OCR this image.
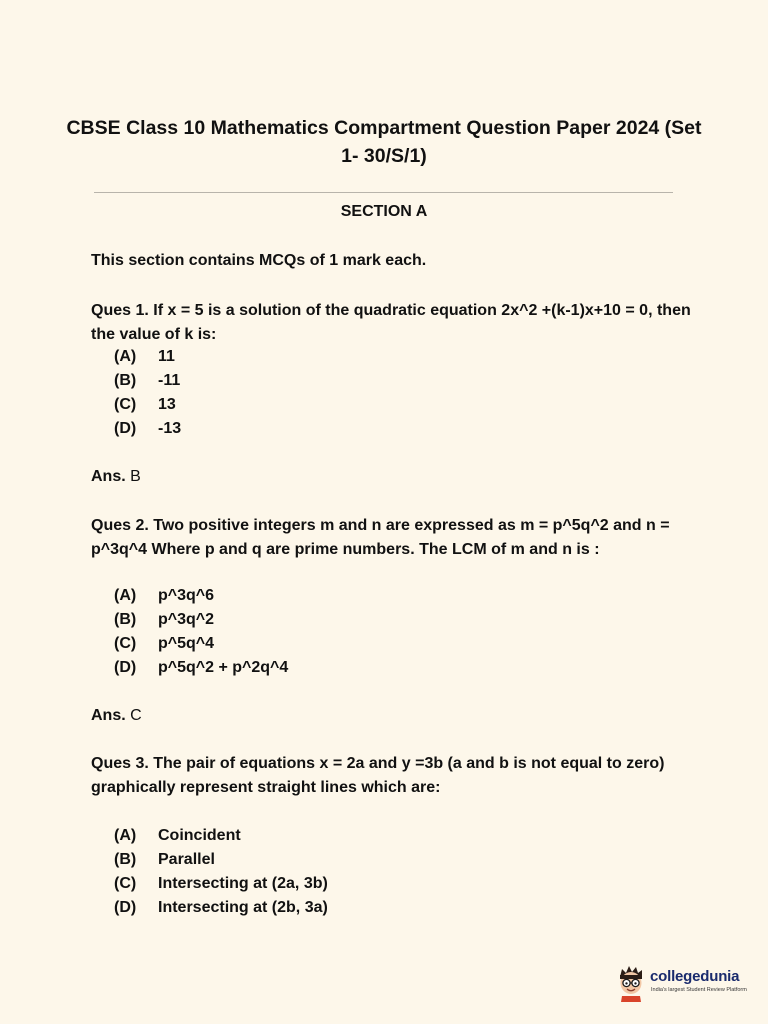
CBSE Class 10 Mathematics Compartment Question Paper 2024 (Set 1- 30/S/1)
SECTION A
This section contains MCQs of 1 mark each.
Ques 1. If x = 5 is a solution of the quadratic equation 2x^2 +(k-1)x+10 = 0, then the value of k is:
(A) 11
(B) -11
(C) 13
(D) -13
Ans. B
Ques 2. Two positive integers m and n are expressed as m = p^5q^2 and n = p^3q^4 Where p and q are prime numbers. The LCM of m and n is :
(A) p^3q^6
(B) p^3q^2
(C) p^5q^4
(D) p^5q^2 + p^2q^4
Ans. C
Ques 3. The pair of equations x = 2a and y =3b (a and b is not equal to zero) graphically represent straight lines which are:
(A) Coincident
(B) Parallel
(C) Intersecting at (2a, 3b)
(D) Intersecting at (2b, 3a)
collegedunia
India's largest Student Review Platform
